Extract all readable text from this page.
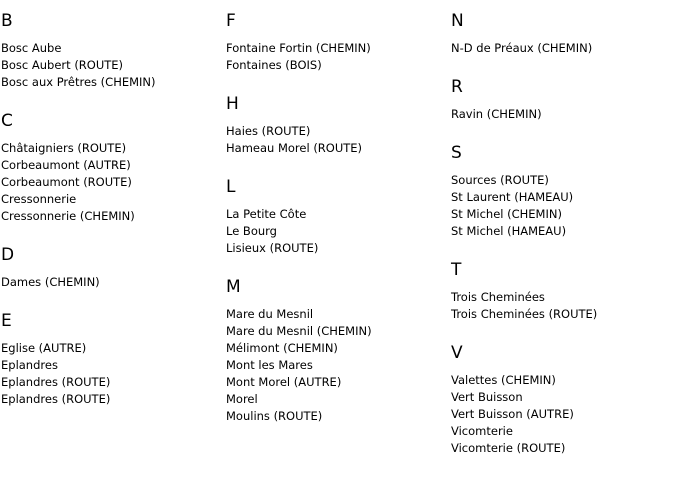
B
Bosc Aube
Bosc Aubert (ROUTE)
Bosc aux Prêtres (CHEMIN)
C
Châtaigniers (ROUTE)
Corbeaumont (AUTRE)
Corbeaumont (ROUTE)
Cressonnerie
Cressonnerie (CHEMIN)
D
Dames (CHEMIN)
E
Eglise (AUTRE)
Eplandres
Eplandres (ROUTE)
Eplandres (ROUTE)
F
Fontaine Fortin (CHEMIN)
Fontaines (BOIS)
H
Haies (ROUTE)
Hameau Morel (ROUTE)
L
La Petite Côte
Le Bourg
Lisieux (ROUTE)
M
Mare du Mesnil
Mare du Mesnil (CHEMIN)
Mélimont (CHEMIN)
Mont les Mares
Mont Morel (AUTRE)
Morel
Moulins (ROUTE)
N
N-D de Préaux (CHEMIN)
R
Ravin (CHEMIN)
S
Sources (ROUTE)
St Laurent (HAMEAU)
St Michel (CHEMIN)
St Michel (HAMEAU)
T
Trois Cheminées
Trois Cheminées (ROUTE)
V
Valettes (CHEMIN)
Vert Buisson
Vert Buisson (AUTRE)
Vicomterie
Vicomterie (ROUTE)
